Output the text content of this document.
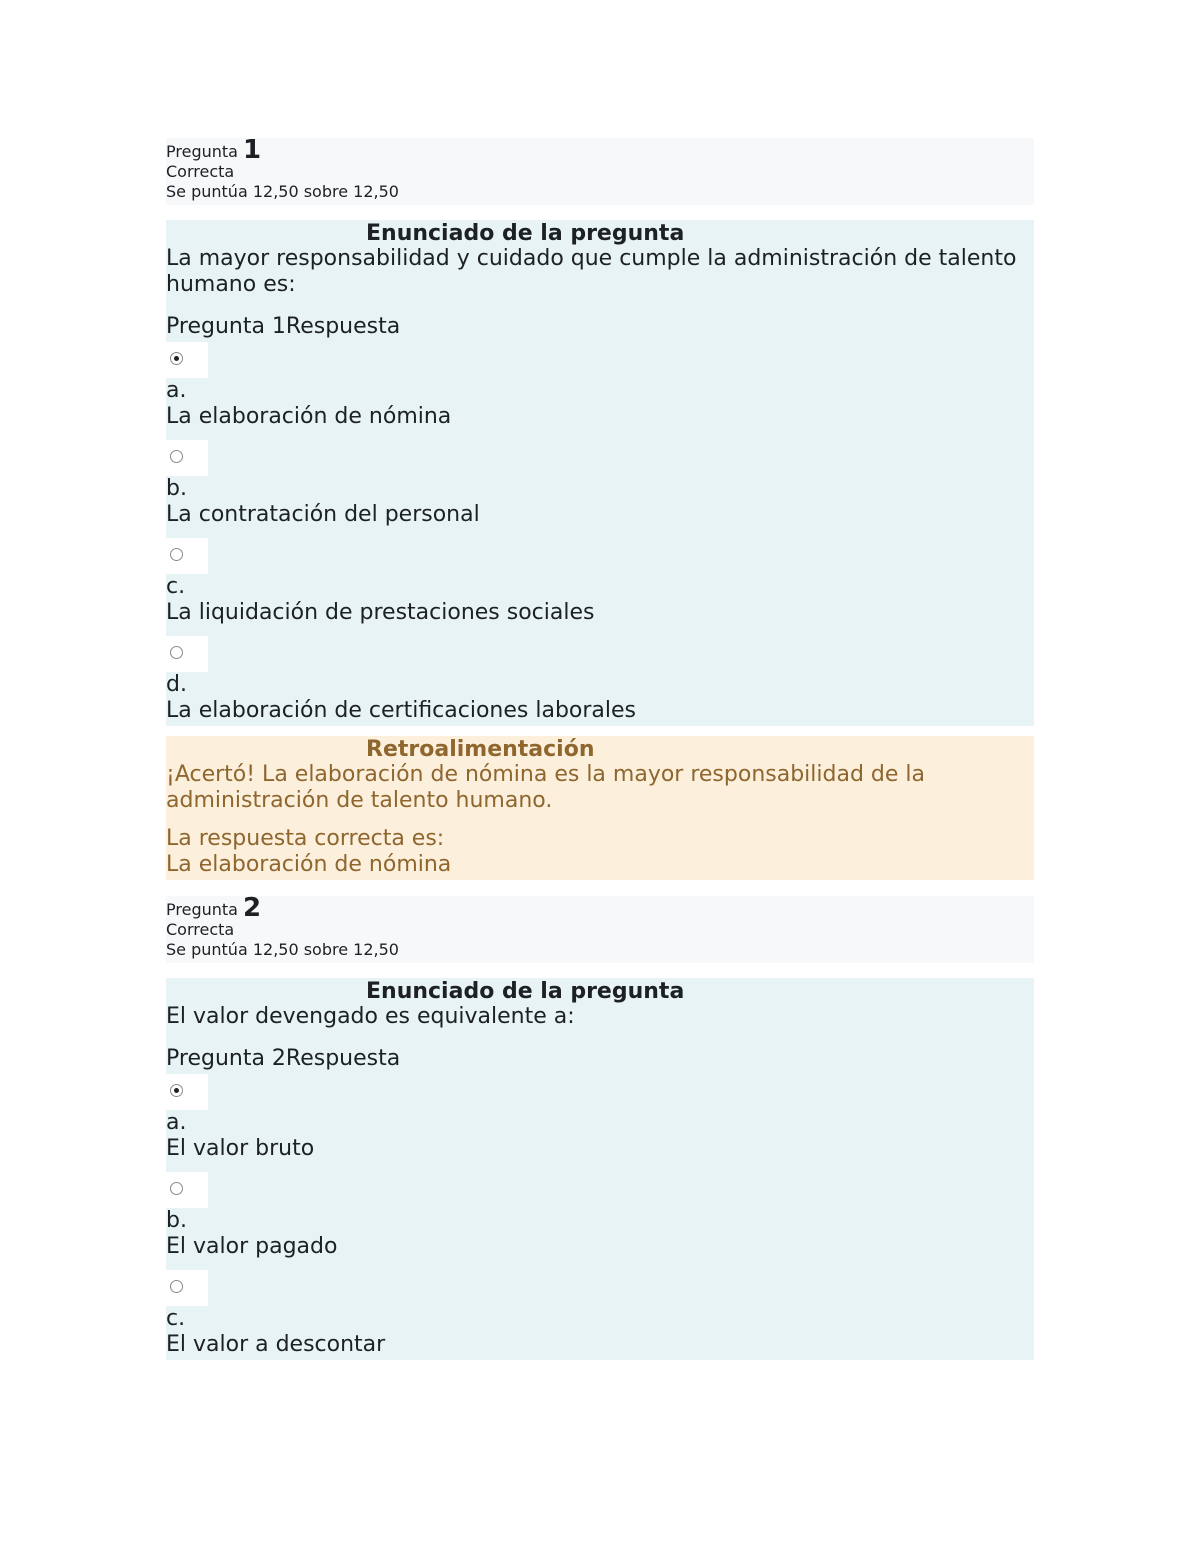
Pregunta 1
Correcta
Se puntúa 12,50 sobre 12,50
Enunciado de la pregunta
La mayor responsabilidad y cuidado que cumple la administración de talento humano es:
Pregunta 1Respuesta
a.
La elaboración de nómina
b.
La contratación del personal
c.
La liquidación de prestaciones sociales
d.
La elaboración de certificaciones laborales
Retroalimentación
¡Acertó! La elaboración de nómina es la mayor responsabilidad de la administración de talento humano.
La respuesta correcta es:
La elaboración de nómina
Pregunta 2
Correcta
Se puntúa 12,50 sobre 12,50
Enunciado de la pregunta
El valor devengado es equivalente a:
Pregunta 2Respuesta
a.
El valor bruto
b.
El valor pagado
c.
El valor a descontar
